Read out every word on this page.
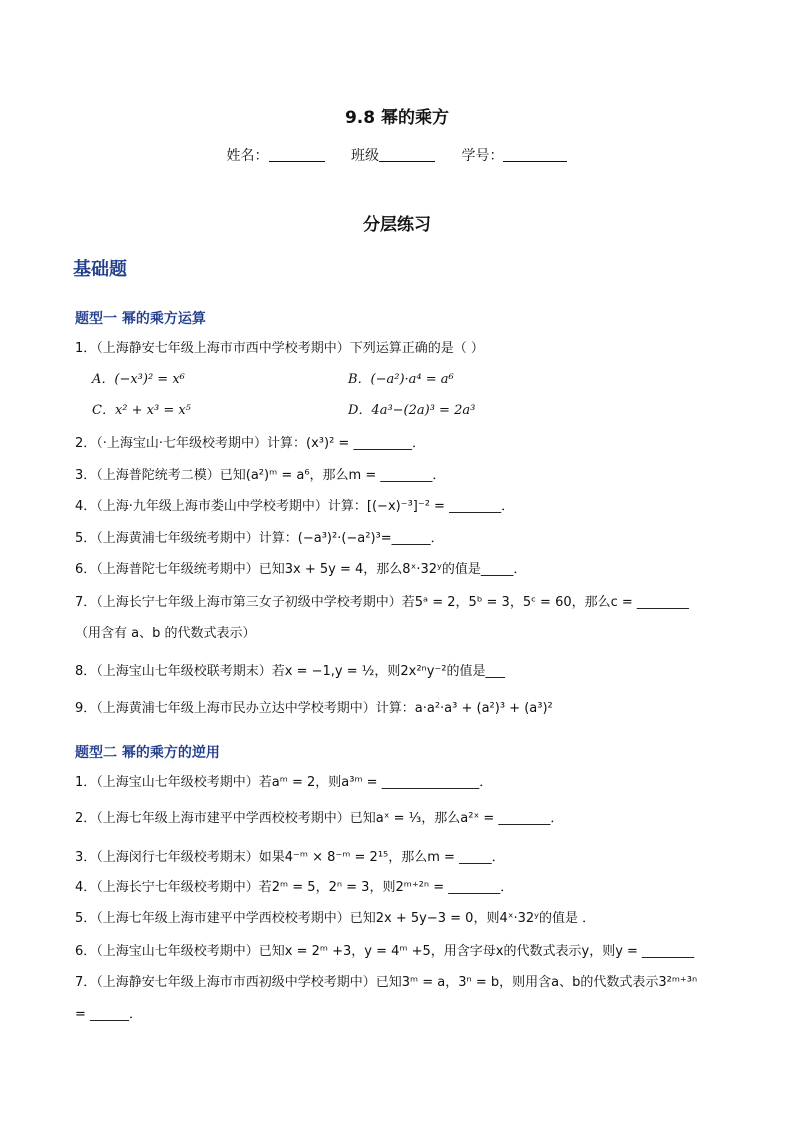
9.8 幂的乘方
姓名：	班级	学号：
分层练习
基础题
题型一 幂的乘方运算
1．（上海静安七年级上海市市西中学校考期中）下列运算正确的是（ ）
A．(−x³)² = x⁶	B．(−a²)·a⁴ = a⁶
C．x² + x³ = x⁵	D．4a³−(2a)³ = 2a³
2．（·上海宝山·七年级校考期中）计算：(x³)² = _________．
3．（上海普陀统考二模）已知(a²)ᵐ = a⁶，那么m = ________．
4．（上海·九年级上海市娄山中学校考期中）计算：[(−x)⁻³]⁻² = ________．
5．（上海黄浦七年级统考期中）计算：(−a³)²·(−a²)³=______．
6．（上海普陀七年级统考期中）已知3x + 5y = 4，那么8ˣ·32ʸ的值是_____．
7．（上海长宁七年级上海市第三女子初级中学校考期中）若5ᵃ = 2，5ᵇ = 3，5ᶜ = 60，那么c = ________
（用含有 a、b 的代数式表示）
8．（上海宝山七年级校联考期末）若x = −1,y = ½，则2x²ⁿy⁻²的值是___
9．（上海黄浦七年级上海市民办立达中学校考期中）计算：a·a²·a³ + (a²)³ + (a³)²
题型二 幂的乘方的逆用
1．（上海宝山七年级校考期中）若aᵐ = 2，则a³ᵐ = _______________．
2．（上海七年级上海市建平中学西校校考期中）已知aˣ = ⅓，那么a²ˣ = ________．
3．（上海闵行七年级校考期末）如果4⁻ᵐ × 8⁻ᵐ = 2¹⁵，那么m = _____．
4．（上海长宁七年级校考期中）若2ᵐ = 5，2ⁿ = 3，则2ᵐ⁺²ⁿ = ________．
5．（上海七年级上海市建平中学西校校考期中）已知2x + 5y−3 = 0，则4ˣ·32ʸ的值是 ．
6．（上海宝山七年级校考期中）已知x = 2ᵐ +3，y = 4ᵐ +5，用含字母x的代数式表示y，则y = ________
7．（上海静安七年级上海市市西初级中学校考期中）已知3ᵐ = a，3ⁿ = b，则用含a、b的代数式表示3²ᵐ⁺³ⁿ
= ______．
